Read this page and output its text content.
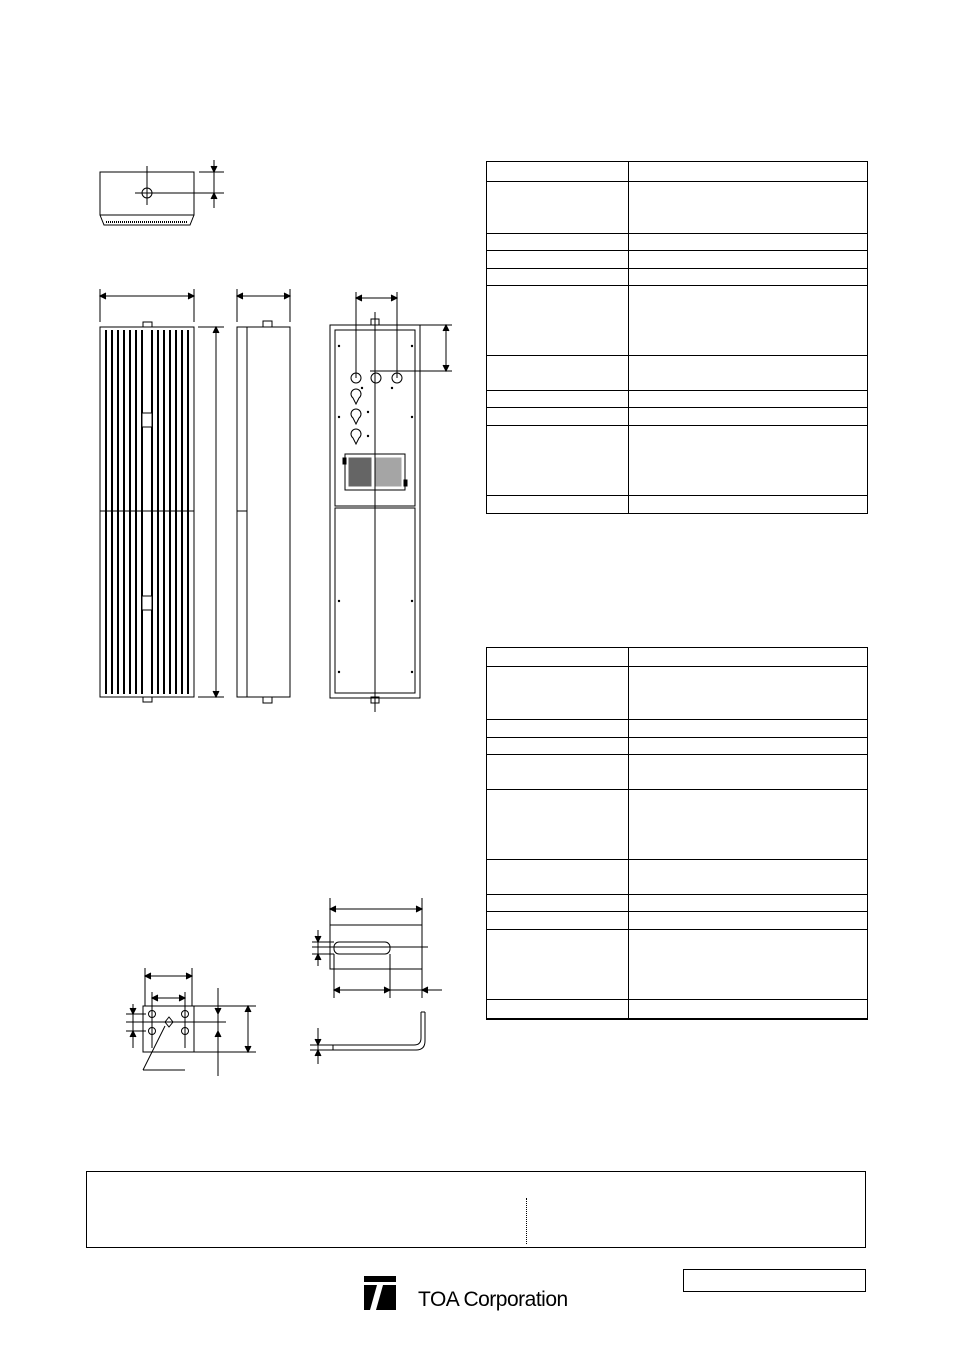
TOA Corporation
